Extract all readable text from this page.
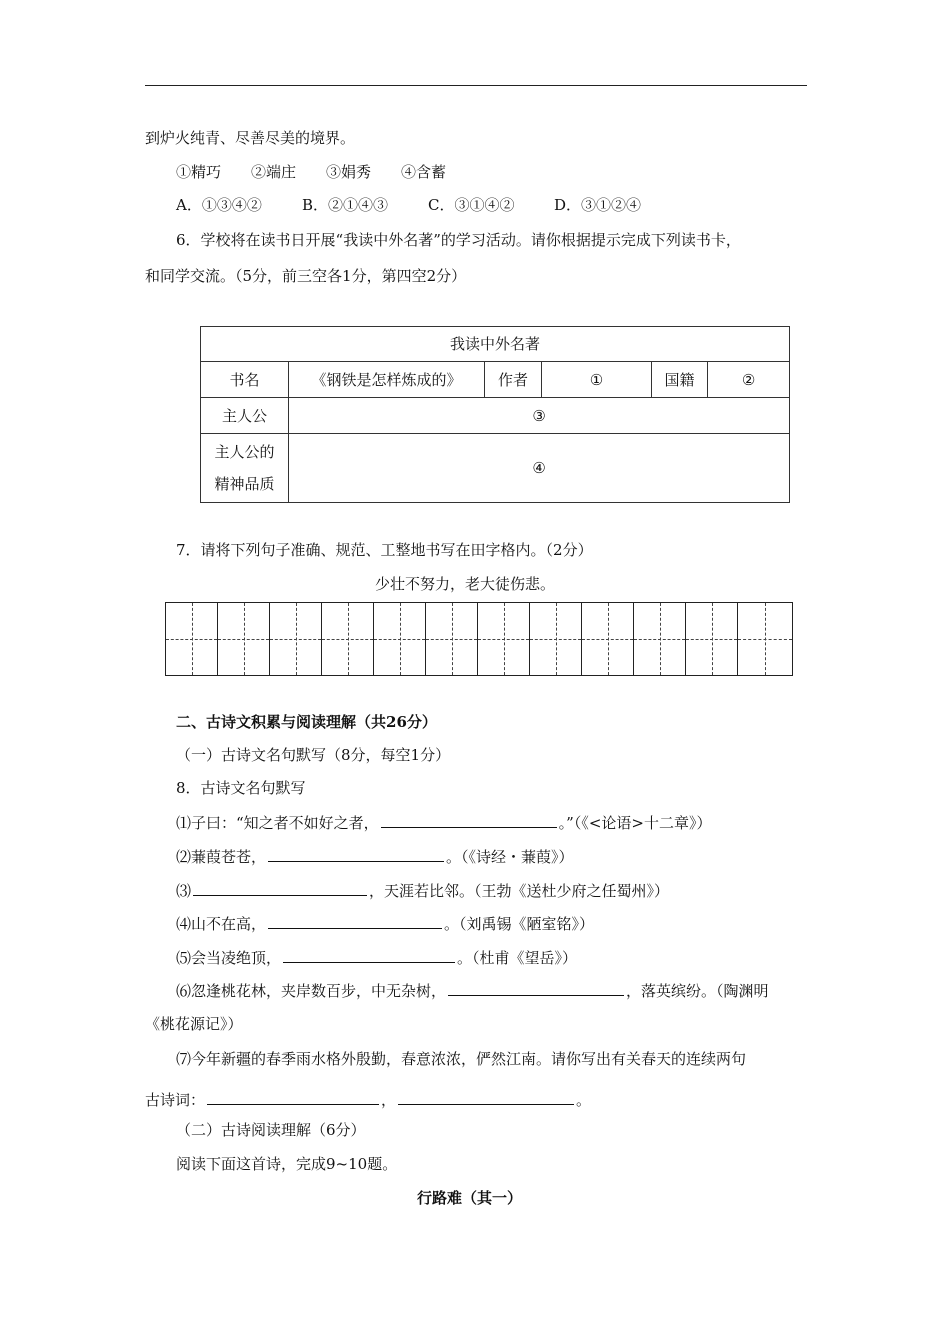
到炉火纯青、尽善尽美的境界。
①精巧　　②端庄　　③娟秀　　④含蓄
A．①③④②	B．②①④③	C．③①④②	D．③①②④
6．学校将在读书日开展“我读中外名著”的学习活动。请你根据提示完成下列读书卡，
和同学交流。（5分，前三空各1分，第四空2分）
我读中外名著					
书名	《钢铁是怎样炼成的》	作者	①	国籍	②
主人公	③				

主人公的
精神品质	④				
7．请将下列句子准确、规范、工整地书写在田字格内。（2分）
少壮不努力，老大徒伤悲。
二、古诗文积累与阅读理解（共26分）
（一）古诗文名句默写（8分，每空1分）
8．古诗文名句默写
⑴子曰：“知之者不如好之者，	。”（《<论语>十二章》）
⑵蒹葭苍苍，	。（《诗经・蒹葭》）
⑶	，天涯若比邻。（王勃《送杜少府之任蜀州》）
⑷山不在高，	。（刘禹锡《陋室铭》）
⑸会当凌绝顶，	。（杜甫《望岳》）
⑹忽逢桃花林，夹岸数百步，中无杂树，	，落英缤纷。（陶渊明
《桃花源记》）
⑺今年新疆的春季雨水格外殷勤，春意浓浓，俨然江南。请你写出有关春天的连续两句
古诗词：	，	。
（二）古诗阅读理解（6分）
阅读下面这首诗，完成9~10题。
行路难（其一）
